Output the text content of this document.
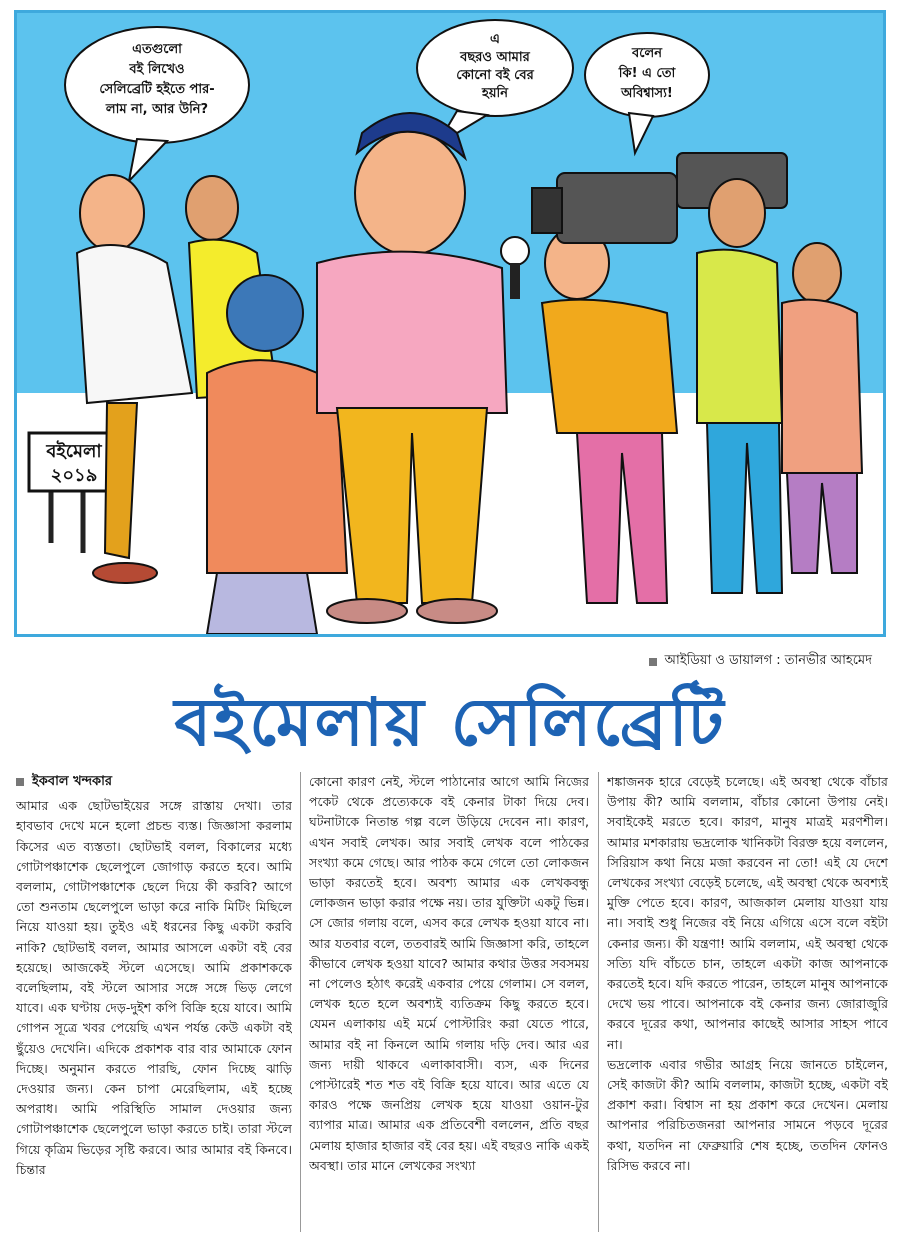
এতগুলো
বই লিখেও
সেলিব্রেটি হইতে পার-
লাম না, আর উনি?
এ
বছরও আমার
কোনো বই বের
হয়নি
বলেন
কি! এ তো
অবিশ্বাস্য!
বইমেলা
২০১৯
আইডিয়া ও ডায়ালগ : তানভীর আহমেদ
বইমেলায় সেলিব্রেটি
ইকবাল খন্দকার

আমার এক ছোটভাইয়ের সঙ্গে রাস্তায় দেখা। তার হাবভাব দেখে মনে হলো প্রচন্ড ব্যস্ত। জিজ্ঞাসা করলাম কিসের এত ব্যস্ততা। ছোটভাই বলল, বিকালের মধ্যে গোটাপঞ্চাশেক ছেলেপুলে জোগাড় করতে হবে। আমি বললাম, গোটাপঞ্চাশেক ছেলে দিয়ে কী করবি? আগে তো শুনতাম ছেলেপুলে ভাড়া করে নাকি মিটিং মিছিলে নিয়ে যাওয়া হয়। তুইও এই ধরনের কিছু একটা করবি নাকি? ছোটভাই বলল, আমার আসলে একটা বই বের হয়েছে। আজকেই স্টলে এসেছে। আমি প্রকাশককে বলেছিলাম, বই স্টলে আসার সঙ্গে সঙ্গে ভিড় লেগে যাবে। এক ঘণ্টায় দেড়-দুইশ কপি বিক্রি হয়ে যাবে। আমি গোপন সূত্রে খবর পেয়েছি এখন পর্যন্ত কেউ একটা বই ছুঁয়েও দেখেনি। এদিকে প্রকাশক বার বার আমাকে ফোন দিচ্ছে। অনুমান করতে পারছি, ফোন দিচ্ছে ঝাড়ি দেওয়ার জন্য। কেন চাপা মেরেছিলাম, এই হচ্ছে অপরাধ। আমি পরিস্থিতি সামাল দেওয়ার জন্য গোটাপঞ্চাশেক ছেলেপুলে ভাড়া করতে চাই। তারা স্টলে গিয়ে কৃত্রিম ভিড়ের সৃষ্টি করবে। আর আমার বই কিনবে। চিন্তার

কোনো কারণ নেই, স্টলে পাঠানোর আগে আমি নিজের পকেট থেকে প্রত্যেককে বই কেনার টাকা দিয়ে দেব। ঘটনাটাকে নিতান্ত গল্প বলে উড়িয়ে দেবেন না। কারণ, এখন সবাই লেখক। আর সবাই লেখক বলে পাঠকের সংখ্যা কমে গেছে। আর পাঠক কমে গেলে তো লোকজন ভাড়া করতেই হবে। অবশ্য আমার এক লেখকবন্ধু লোকজন ভাড়া করার পক্ষে নয়। তার যুক্তিটা একটু ভিন্ন। সে জোর গলায় বলে, এসব করে লেখক হওয়া যাবে না। আর যতবার বলে, ততবারই আমি জিজ্ঞাসা করি, তাহলে কীভাবে লেখক হওয়া যাবে? আমার কথার উত্তর সবসময় না পেলেও হঠাৎ করেই একবার পেয়ে গেলাম। সে বলল, লেখক হতে হলে অবশ্যই ব্যতিক্রম কিছু করতে হবে। যেমন এলাকায় এই মর্মে পোস্টারিং করা যেতে পারে, আমার বই না কিনলে আমি গলায় দড়ি দেব। আর এর জন্য দায়ী থাকবে এলাকাবাসী। ব্যস, এক দিনের পোস্টারেই শত শত বই বিক্রি হয়ে যাবে। আর এতে যে কারও পক্ষে জনপ্রিয় লেখক হয়ে যাওয়া ওয়ান-টুর ব্যাপার মাত্র। আমার এক প্রতিবেশী বললেন, প্রতি বছর মেলায় হাজার হাজার বই বের হয়। এই বছরও নাকি একই অবস্থা। তার মানে লেখকের সংখ্যা

শঙ্কাজনক হারে বেড়েই চলেছে। এই অবস্থা থেকে বাঁচার উপায় কী? আমি বললাম, বাঁচার কোনো উপায় নেই। সবাইকেই মরতে হবে। কারণ, মানুষ মাত্রই মরণশীল। আমার মশকারায় ভদ্রলোক খানিকটা বিরক্ত হয়ে বললেন, সিরিয়াস কথা নিয়ে মজা করবেন না তো! এই যে দেশে লেখকের সংখ্যা বেড়েই চলেছে, এই অবস্থা থেকে অবশ্যই মুক্তি পেতে হবে। কারণ, আজকাল মেলায় যাওয়া যায় না। সবাই শুধু নিজের বই নিয়ে এগিয়ে এসে বলে বইটা কেনার জন্য। কী যন্ত্রণা! আমি বললাম, এই অবস্থা থেকে সত্যি যদি বাঁচতে চান, তাহলে একটা কাজ আপনাকে করতেই হবে। যদি করতে পারেন, তাহলে মানুষ আপনাকে দেখে ভয় পাবে। আপনাকে বই কেনার জন্য জোরাজুরি করবে দূরের কথা, আপনার কাছেই আসার সাহস পাবে না।

ভদ্রলোক এবার গভীর আগ্রহ নিয়ে জানতে চাইলেন, সেই কাজটা কী? আমি বললাম, কাজটা হচ্ছে, একটা বই প্রকাশ করা। বিশ্বাস না হয় প্রকাশ করে দেখেন। মেলায় আপনার পরিচিতজনরা আপনার সামনে পড়বে দূরের কথা, যতদিন না ফেব্রুয়ারি শেষ হচ্ছে, ততদিন ফোনও রিসিভ করবে না।
